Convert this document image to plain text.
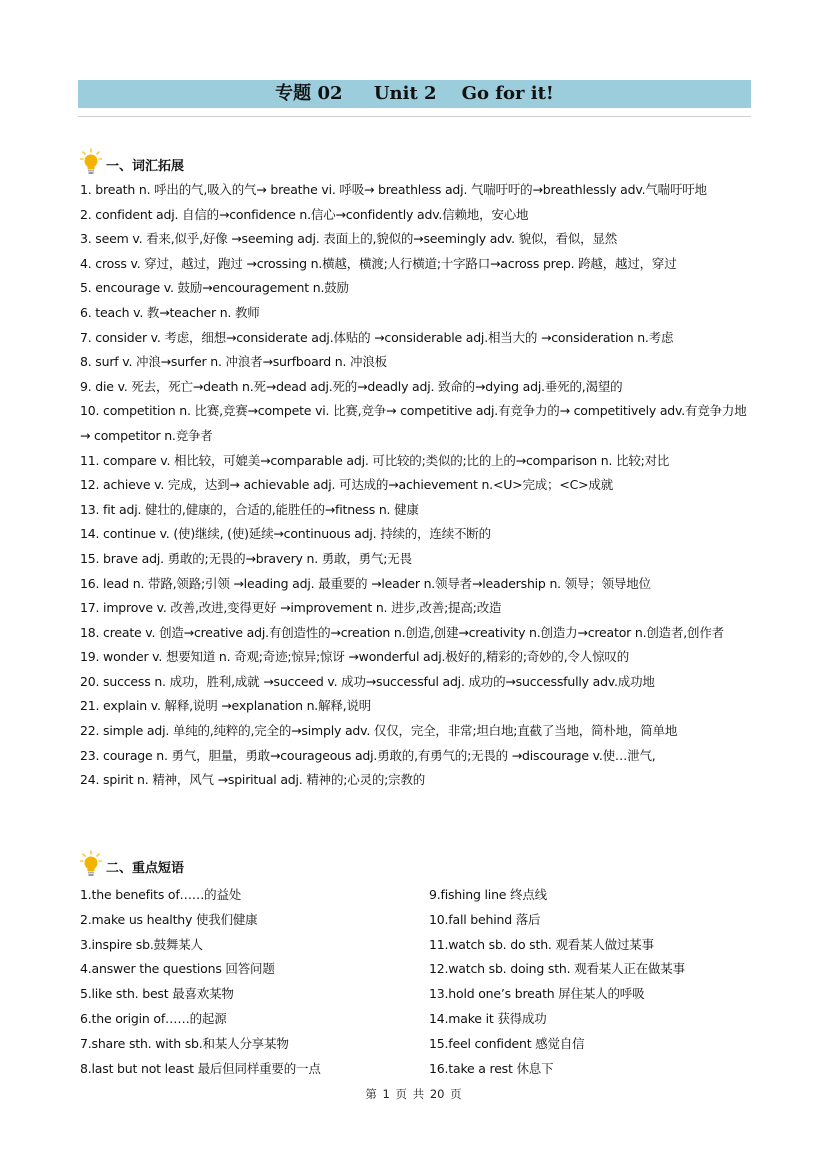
专题 02     Unit 2    Go for it!
一、词汇拓展
1. breath n. 呼出的气,吸入的气→ breathe vi. 呼吸→ breathless adj. 气喘吁吁的→breathlessly adv.气喘吁吁地
2. confident adj. 自信的→confidence n.信心→confidently adv.信赖地，安心地
3. seem v. 看来,似乎,好像 →seeming adj. 表面上的,貌似的→seemingly adv. 貌似，看似，显然
4. cross v. 穿过，越过，跑过 →crossing n.横越，横渡;人行横道;十字路口→across prep. 跨越，越过，穿过
5. encourage v. 鼓励→encouragement n.鼓励
6. teach v. 教→teacher n. 教师
7. consider v. 考虑，细想→considerate adj.体贴的 →considerable adj.相当大的 →consideration n.考虑
8. surf v. 冲浪→surfer n. 冲浪者→surfboard n. 冲浪板
9. die v. 死去，死亡→death n.死→dead adj.死的→deadly adj. 致命的→dying adj.垂死的,渴望的
10. competition n. 比赛,竞赛→compete vi. 比赛,竞争→ competitive adj.有竞争力的→ competitively adv.有竞争力地→ competitor n.竞争者
11. compare v. 相比较，可媲美→comparable adj. 可比较的;类似的;比的上的→comparison n. 比较;对比
12. achieve v. 完成，达到→ achievable adj. 可达成的→achievement n.<U>完成；<C>成就
13. fit adj. 健壮的,健康的，合适的,能胜任的→fitness n. 健康
14. continue v. (使)继续, (使)延续→continuous adj. 持续的，连续不断的
15. brave adj. 勇敢的;无畏的→bravery n. 勇敢，勇气;无畏
16. lead n. 带路,领路;引领 →leading adj. 最重要的 →leader n.领导者→leadership n. 领导；领导地位
17. improve v. 改善,改进,变得更好 →improvement n. 进步,改善;提高;改造
18. create v. 创造→creative adj.有创造性的→creation n.创造,创建→creativity n.创造力→creator n.创造者,创作者
19. wonder v. 想要知道 n. 奇观;奇迹;惊异;惊讶 →wonderful adj.极好的,精彩的;奇妙的,令人惊叹的
20. success n. 成功，胜利,成就 →succeed v. 成功→successful adj. 成功的→successfully adv.成功地
21. explain v. 解释,说明 →explanation n.解释,说明
22. simple adj. 单纯的,纯粹的,完全的→simply adv. 仅仅，完全，非常;坦白地;直截了当地，简朴地，简单地
23. courage n. 勇气，胆量，勇敢→courageous adj.勇敢的,有勇气的;无畏的 →discourage v.使…泄气,
24. spirit n. 精神，风气 →spiritual adj. 精神的;心灵的;宗教的
二、重点短语
1.the benefits of……的益处	9.fishing line 终点线
2.make us healthy 使我们健康	10.fall behind 落后
3.inspire sb.鼓舞某人	11.watch sb. do sth. 观看某人做过某事
4.answer the questions 回答问题	12.watch sb. doing sth. 观看某人正在做某事
5.like sth. best 最喜欢某物	13.hold one’s breath 屏住某人的呼吸
6.the origin of……的起源	14.make it 获得成功
7.share sth. with sb.和某人分享某物	15.feel confident 感觉自信
8.last but not least 最后但同样重要的一点	16.take a rest 休息下
第 1 页 共 20 页
